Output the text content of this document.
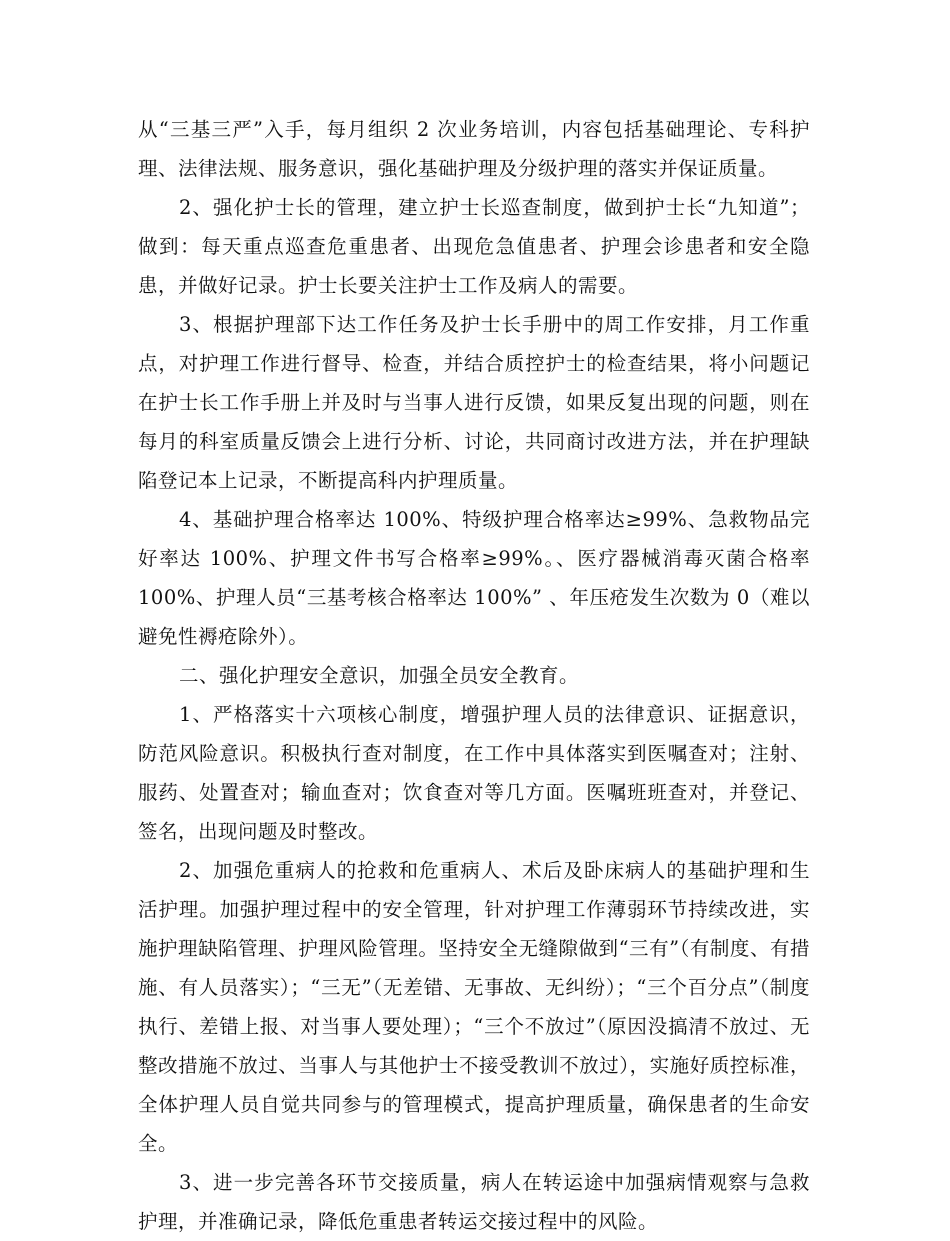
从“三基三严”入手，每月组织 2 次业务培训，内容包括基础理论、专科护理、法律法规、服务意识，强化基础护理及分级护理的落实并保证质量。

2、强化护士长的管理，建立护士长巡查制度，做到护士长“九知道”；做到：每天重点巡查危重患者、出现危急值患者、护理会诊患者和安全隐患，并做好记录。护士长要关注护士工作及病人的需要。

3、根据护理部下达工作任务及护士长手册中的周工作安排，月工作重点，对护理工作进行督导、检查，并结合质控护士的检查结果，将小问题记在护士长工作手册上并及时与当事人进行反馈，如果反复出现的问题，则在每月的科室质量反馈会上进行分析、讨论，共同商讨改进方法，并在护理缺陷登记本上记录，不断提高科内护理质量。

4、基础护理合格率达 100%、特级护理合格率达≥99%、急救物品完好率达 100%、护理文件书写合格率≥99%。、医疗器械消毒灭菌合格率 100%、护理人员“三基考核合格率达 100%” 、年压疮发生次数为 0（难以避免性褥疮除外）。

二、强化护理安全意识，加强全员安全教育。

1、严格落实十六项核心制度，增强护理人员的法律意识、证据意识，防范风险意识。积极执行查对制度，在工作中具体落实到医嘱查对；注射、服药、处置查对；输血查对；饮食查对等几方面。医嘱班班查对，并登记、签名，出现问题及时整改。

2、加强危重病人的抢救和危重病人、术后及卧床病人的基础护理和生活护理。加强护理过程中的安全管理，针对护理工作薄弱环节持续改进，实施护理缺陷管理、护理风险管理。坚持安全无缝隙做到“三有”（有制度、有措施、有人员落实）；“三无”（无差错、无事故、无纠纷）；“三个百分点”（制度执行、差错上报、对当事人要处理）；“三个不放过”（原因没搞清不放过、无整改措施不放过、当事人与其他护士不接受教训不放过），实施好质控标准，全体护理人员自觉共同参与的管理模式，提高护理质量，确保患者的生命安全。

3、进一步完善各环节交接质量，病人在转运途中加强病情观察与急救护理，并准确记录，降低危重患者转运交接过程中的风险。
